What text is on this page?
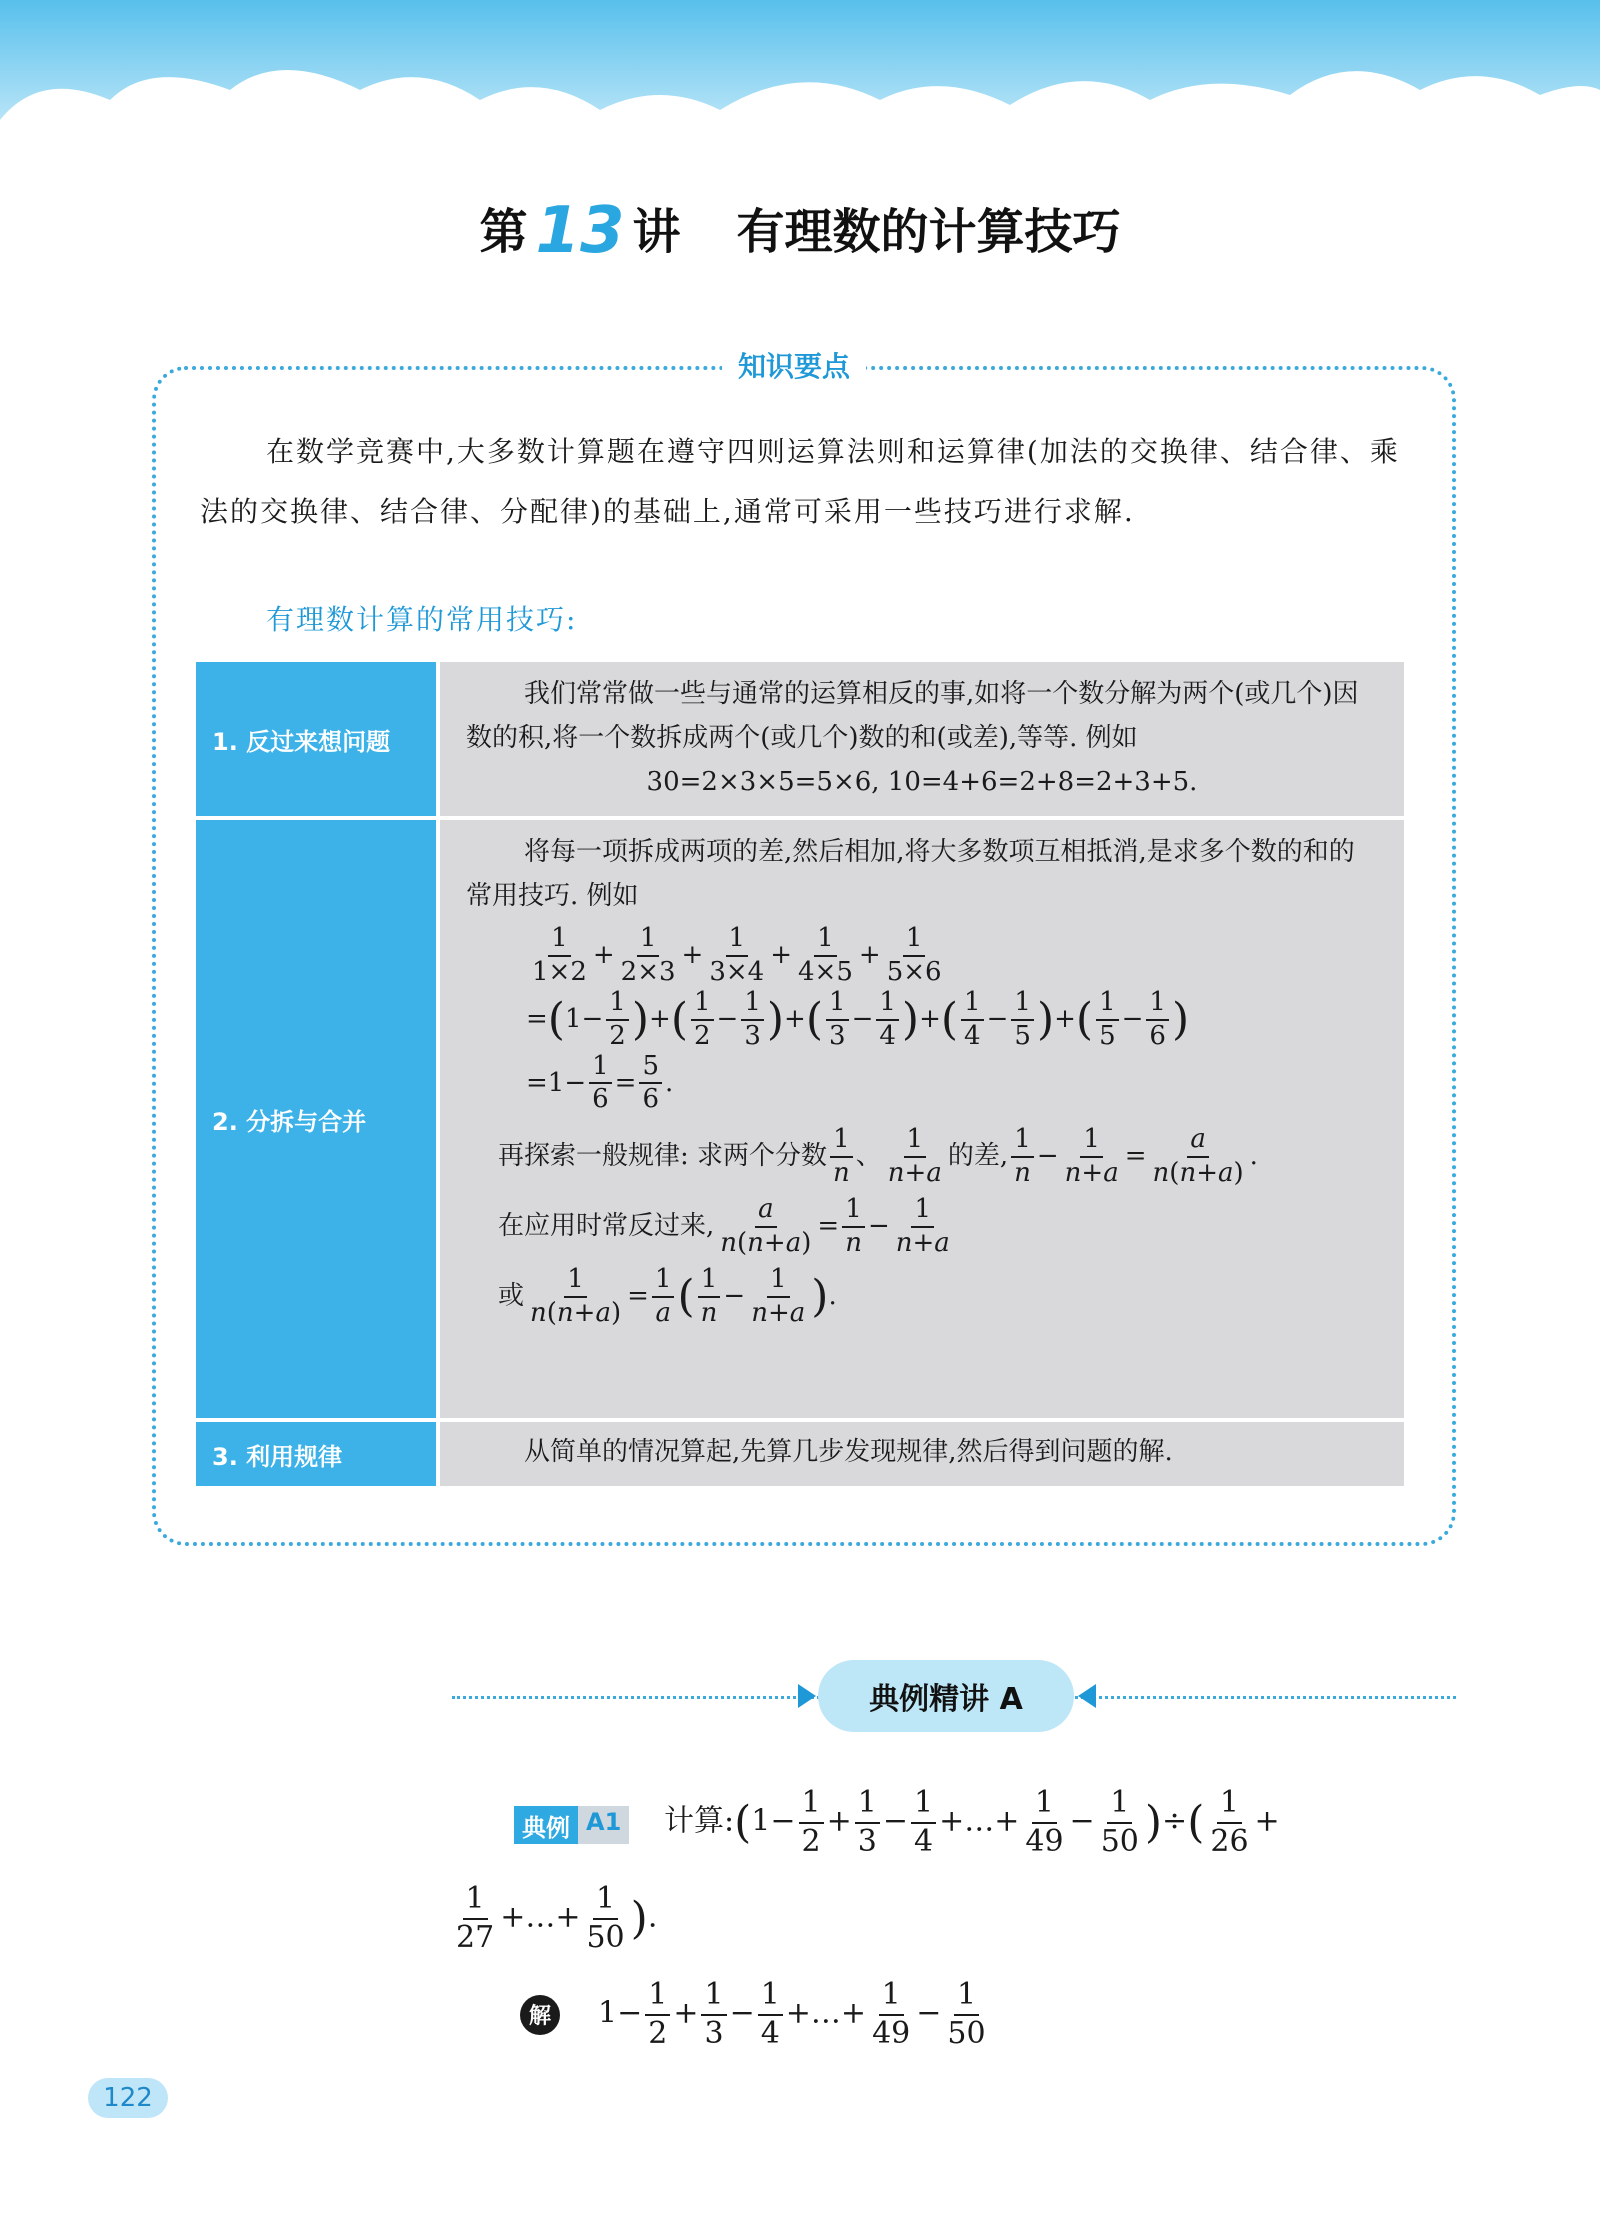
第 13 讲 有理数的计算技巧
知识要点

在数学竞赛中,大多数计算题在遵守四则运算法则和运算律(加法的交换律、结合律、乘法的交换律、结合律、分配律)的基础上,通常可采用一些技巧进行求解.

有理数计算的常用技巧:
1. 反过来想问题

我们常常做一些与通常的运算相反的事,如将一个数分解为两个(或几个)因数的积,将一个数拆成两个(或几个)数的和(或差),等等. 例如

30=2×3×5=5×6, 10=4+6=2+8=2+3+5.

2. 分拆与合并

将每一项拆成两项的差,然后相加,将大多数项互相抵消,是求多个数的和的常用技巧. 例如

$\frac{1}{1\times 2} + \frac{1}{2\times 3} + \frac{1}{3\times 4} + \frac{1}{4\times 5} + \frac{1}{5\times 6}$
$=(1- \frac{1}{2}$ )+( $\frac{1}{2} - \frac{1}{3}$ )+( $\frac{1}{3} - \frac{1}{4}$ )+( $\frac{1}{4} - \frac{1}{5}$ )+( $\frac{1}{5} - \frac{1}{6}$ )
$=1- \frac{1}{6} = \frac{5}{6}$ .
再探索一般规律: 求两个分数 $\frac{1}{n}$ 、 $\frac{1}{n+a}$ 的差, $\frac{1}{n} - \frac{1}{n+a} = \frac{a}{n(n+a)}$ .
在应用时常反过来, $\frac{a}{n(n+a)} = \frac{1}{n} - \frac{1}{n+a}$
或 $\frac{1}{n(n+a)} = \frac{1}{a}$ ( $\frac{1}{n} - \frac{1}{n+a}$ ).
3. 利用规律	从简单的情况算起,先算几步发现规律,然后得到问题的解.

典例精讲 A
典例 A1 计算:(1− $\frac{1}{2} + \frac{1}{3} - \frac{1}{4}$ +…+ $\frac{1}{49} - \frac{1}{50}$ )÷( $\frac{1}{26}$ +
$\frac{1}{27}$ +…+ $\frac{1}{50}$ ).
解	$1- \frac{1}{2} + \frac{1}{3} - \frac{1}{4}$ +…+ $\frac{1}{49} - \frac{1}{50}$
122
